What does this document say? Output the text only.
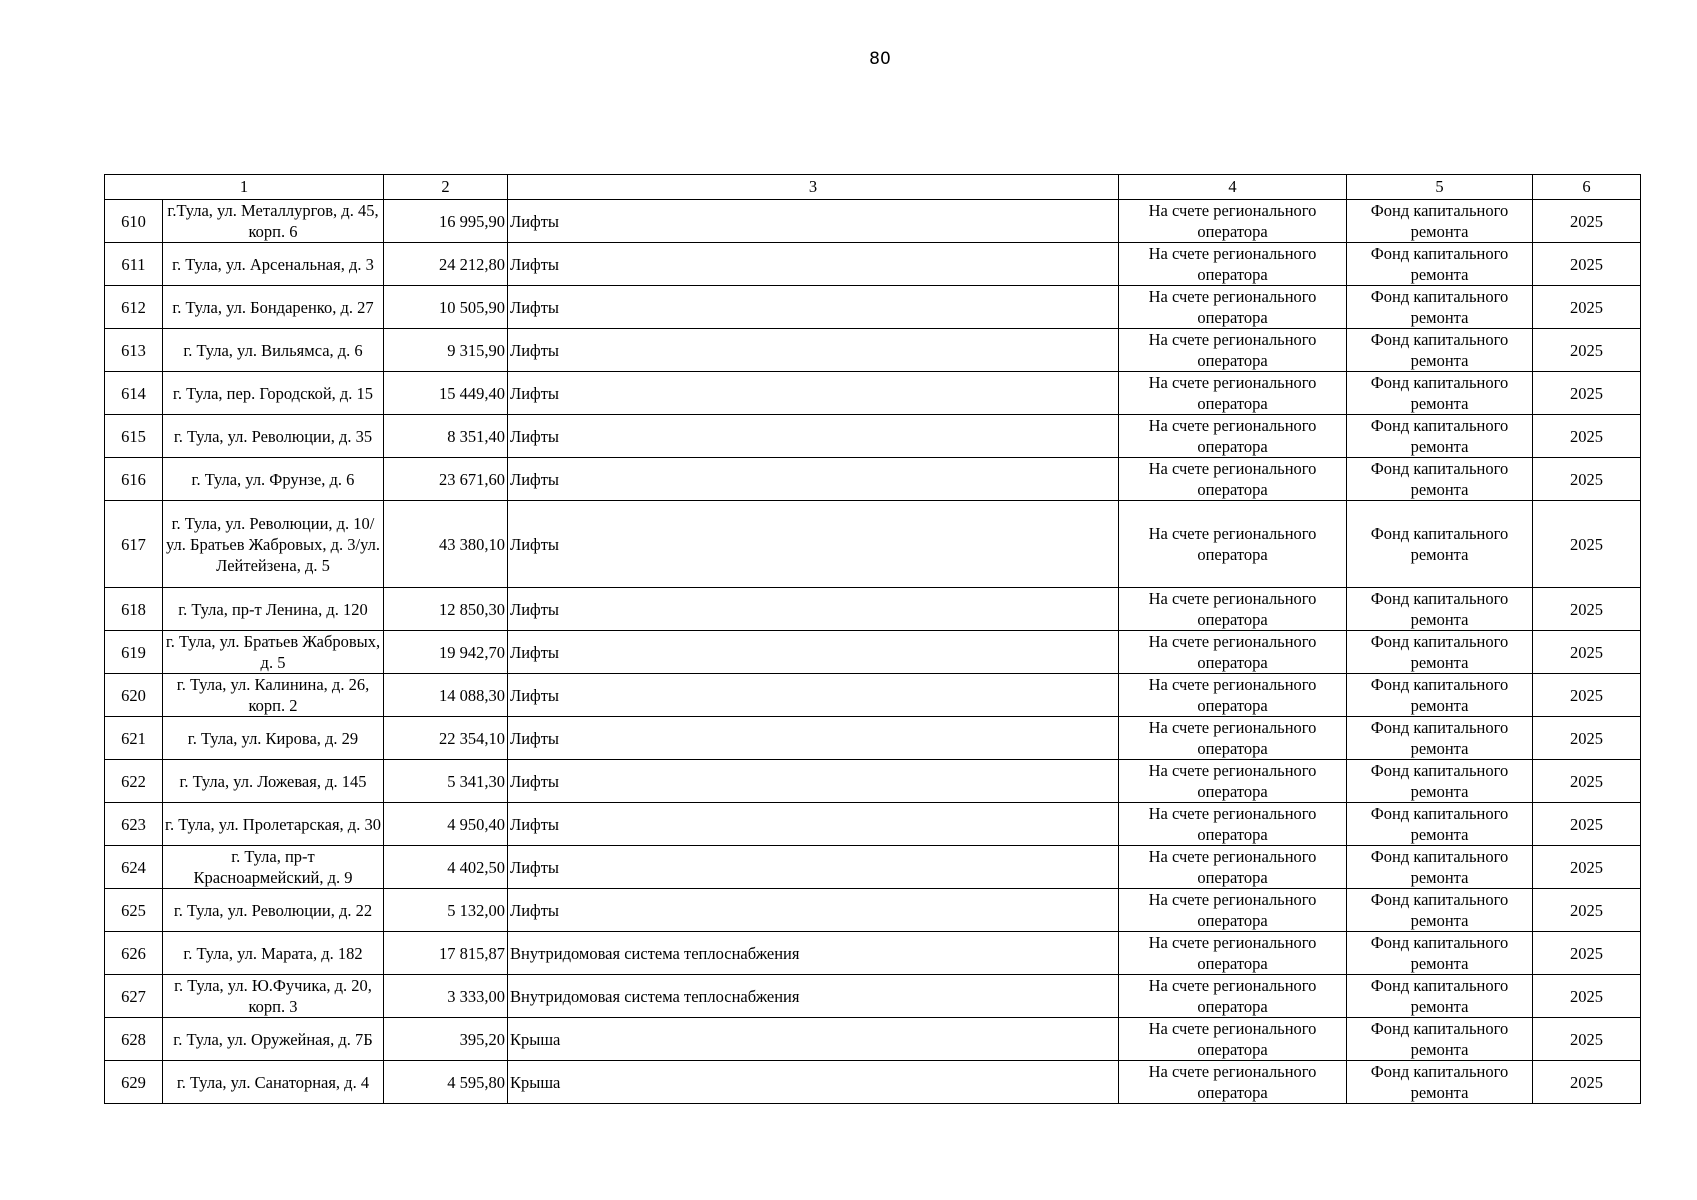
80
1		2	3	4	5	6
610	г.Тула, ул. Металлургов, д. 45, корп. 6	16 995,90	Лифты	На счете регионального оператора	Фонд капитального ремонта	2025
611	г. Тула, ул. Арсенальная, д. 3	24 212,80	Лифты	На счете регионального оператора	Фонд капитального ремонта	2025
612	г. Тула, ул. Бондаренко, д. 27	10 505,90	Лифты	На счете регионального оператора	Фонд капитального ремонта	2025
613	г. Тула, ул. Вильямса, д. 6	9 315,90	Лифты	На счете регионального оператора	Фонд капитального ремонта	2025
614	г. Тула, пер. Городской, д. 15	15 449,40	Лифты	На счете регионального оператора	Фонд капитального ремонта	2025
615	г. Тула, ул. Революции, д. 35	8 351,40	Лифты	На счете регионального оператора	Фонд капитального ремонта	2025
616	г. Тула, ул. Фрунзе, д. 6	23 671,60	Лифты	На счете регионального оператора	Фонд капитального ремонта	2025
617	г. Тула, ул. Революции, д. 10/ул. Братьев Жабровых, д. 3/ул. Лейтейзена, д. 5	43 380,10	Лифты	На счете регионального оператора	Фонд капитального ремонта	2025
618	г. Тула, пр-т Ленина, д. 120	12 850,30	Лифты	На счете регионального оператора	Фонд капитального ремонта	2025
619	г. Тула, ул. Братьев Жабровых, д. 5	19 942,70	Лифты	На счете регионального оператора	Фонд капитального ремонта	2025
620	г. Тула, ул. Калинина, д. 26, корп. 2	14 088,30	Лифты	На счете регионального оператора	Фонд капитального ремонта	2025
621	г. Тула, ул. Кирова, д. 29	22 354,10	Лифты	На счете регионального оператора	Фонд капитального ремонта	2025
622	г. Тула, ул. Ложевая, д. 145	5 341,30	Лифты	На счете регионального оператора	Фонд капитального ремонта	2025
623	г. Тула, ул. Пролетарская, д. 30	4 950,40	Лифты	На счете регионального оператора	Фонд капитального ремонта	2025
624	г. Тула, пр-т Красноармейский, д. 9	4 402,50	Лифты	На счете регионального оператора	Фонд капитального ремонта	2025
625	г. Тула, ул. Революции, д. 22	5 132,00	Лифты	На счете регионального оператора	Фонд капитального ремонта	2025
626	г. Тула, ул. Марата, д. 182	17 815,87	Внутридомовая система теплоснабжения	На счете регионального оператора	Фонд капитального ремонта	2025
627	г. Тула, ул. Ю.Фучика, д. 20, корп. 3	3 333,00	Внутридомовая система теплоснабжения	На счете регионального оператора	Фонд капитального ремонта	2025
628	г. Тула, ул. Оружейная, д. 7Б	395,20	Крыша	На счете регионального оператора	Фонд капитального ремонта	2025
629	г. Тула, ул. Санаторная, д. 4	4 595,80	Крыша	На счете регионального оператора	Фонд капитального ремонта	2025
